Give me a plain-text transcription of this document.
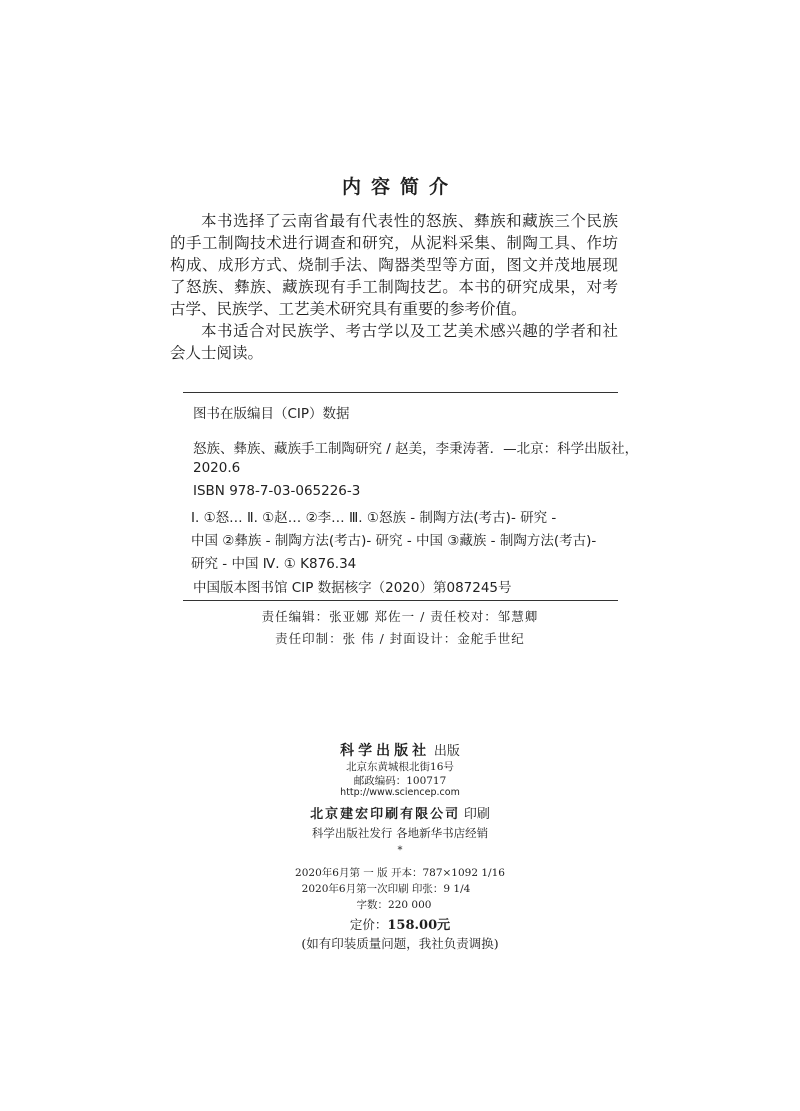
内容简介

本书选择了云南省最有代表性的怒族、彝族和藏族三个民族的手工制陶技术进行调查和研究，从泥料采集、制陶工具、作坊构成、成形方式、烧制手法、陶器类型等方面，图文并茂地展现了怒族、彝族、藏族现有手工制陶技艺。本书的研究成果，对考古学、民族学、工艺美术研究具有重要的参考价值。

本书适合对民族学、考古学以及工艺美术感兴趣的学者和社会人士阅读。

图书在版编目（CIP）数据
怒族、彝族、藏族手工制陶研究 / 赵美，李秉涛著．—北京：科学出版社，
2020.6
ISBN 978-7-03-065226-3
Ⅰ. ①怒… Ⅱ. ①赵… ②李… Ⅲ. ①怒族 - 制陶方法(考古)- 研究 -
中国 ②彝族 - 制陶方法(考古)- 研究 - 中国 ③藏族 - 制陶方法(考古)-
研究 - 中国 Ⅳ. ① K876.34
中国版本图书馆 CIP 数据核字（2020）第087245号
责任编辑：张亚娜 郑佐一 / 责任校对：邹慧卿
责任印制：张 伟 / 封面设计：金舵手世纪
科学出版社 出版
北京东黄城根北街16号
邮政编码：100717
http://www.sciencep.com
北京建宏印刷有限公司 印刷
科学出版社发行 各地新华书店经销
*
2020年6月第 一 版 开本：787×1092 1/16
2020年6月第一次印刷 印张：9 1/4
字数：220 000
定价：158.00元
(如有印装质量问题，我社负责调换)
